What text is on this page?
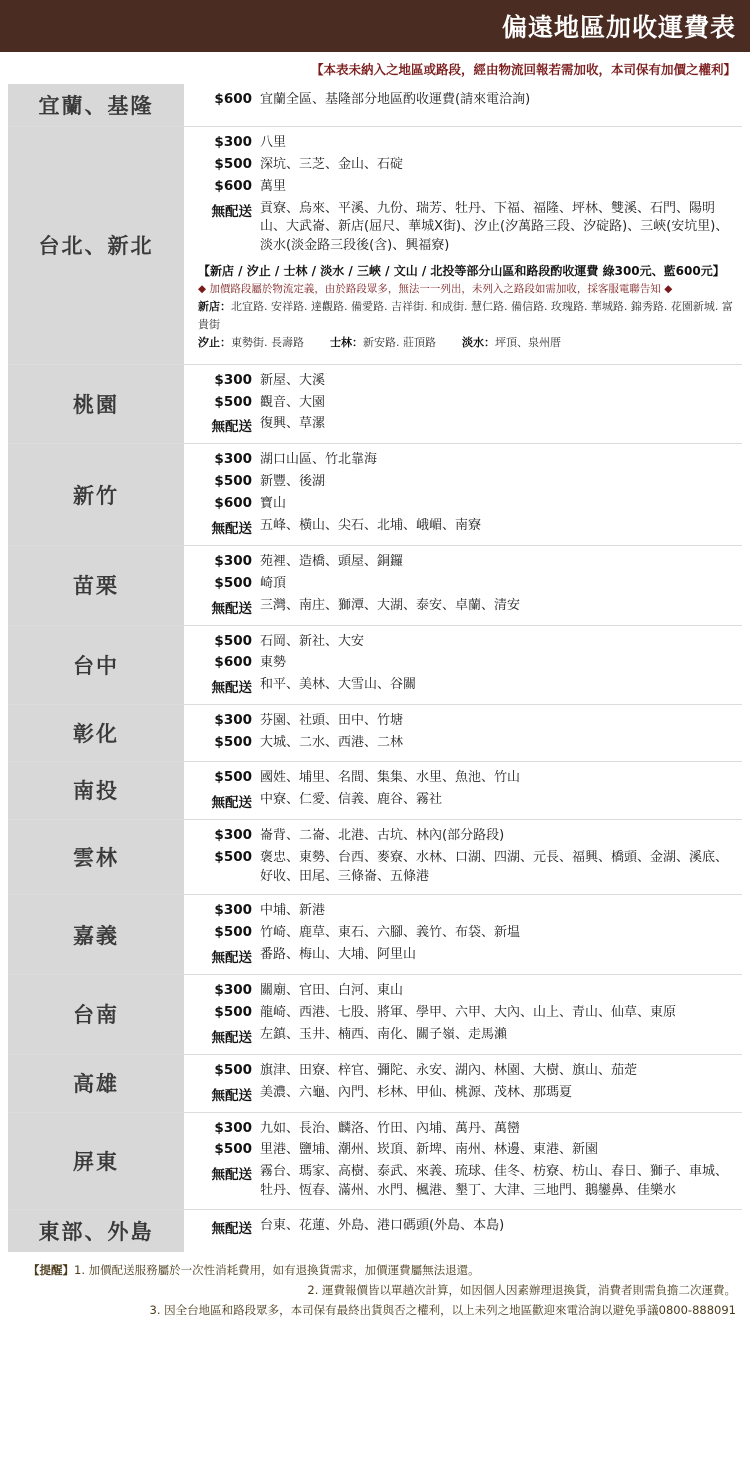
偏遠地區加收運費表
【本表未納入之地區或路段，經由物流回報若需加收，本司保有加價之權利】
宜蘭、基隆	$600 宜蘭全區、基隆部分地區酌收運費(請來電洽詢)
台北、新北
$300 八里
$500 深坑、三芝、金山、石碇
$600 萬里
無配送 貢寮、烏來、平溪、九份、瑞芳、牡丹、下福、福隆、坪林、雙溪、石門、陽明山、大武崙、新店(屈尺、華城X街)、汐止(汐萬路三段、汐碇路)、三峽(安坑里)、淡水(淡金路三段後(含)、興福寮)
【新店 / 汐止 / 士林 / 淡水 / 三峽 / 文山 / 北投等部分山區和路段酌收運費 綠300元、藍600元】
◆ 加價路段屬於物流定義，由於路段眾多，無法一一列出，未列入之路段如需加收，採客服電聯告知 ◆
新店：北宜路. 安祥路. 達觀路. 備愛路. 吉祥街. 和成街. 慧仁路. 備信路. 玫瑰路. 華城路. 錦秀路. 花園新城. 富貴街
汐止：東勢街. 長壽路 士林：新安路. 莊頂路 淡水：坪頂、泉州厝
桃園
$300 新屋、大溪
$500 觀音、大園
無配送 復興、草漯
新竹
$300 湖口山區、竹北靠海
$500 新豐、後湖
$600 寶山
無配送 五峰、橫山、尖石、北埔、峨嵋、南寮
苗栗
$300 苑裡、造橋、頭屋、銅鑼
$500 崎頂
無配送 三灣、南庄、獅潭、大湖、泰安、卓蘭、清安
台中
$500 石岡、新社、大安
$600 東勢
無配送 和平、美林、大雪山、谷關
彰化
$300 芬園、社頭、田中、竹塘
$500 大城、二水、西港、二林
南投
$500 國姓、埔里、名間、集集、水里、魚池、竹山
無配送 中寮、仁愛、信義、鹿谷、霧社
雲林
$300 崙背、二崙、北港、古坑、林內(部分路段)
$500 褒忠、東勢、台西、麥寮、水林、口湖、四湖、元長、福興、橋頭、金湖、溪底、好收、田尾、三條崙、五條港
嘉義
$300 中埔、新港
$500 竹崎、鹿草、東石、六腳、義竹、布袋、新塭
無配送 番路、梅山、大埔、阿里山
台南
$300 關廟、官田、白河、東山
$500 龍崎、西港、七股、將軍、學甲、六甲、大內、山上、青山、仙草、東原
無配送 左鎮、玉井、楠西、南化、關子嶺、走馬瀨
高雄
$500 旗津、田寮、梓官、彌陀、永安、湖內、林園、大樹、旗山、茄萣
無配送 美濃、六龜、內門、杉林、甲仙、桃源、茂林、那瑪夏
屏東
$300 九如、長治、麟洛、竹田、內埔、萬丹、萬巒
$500 里港、鹽埔、潮州、崁頂、新埤、南州、林邊、東港、新園
無配送 霧台、瑪家、高樹、泰武、來義、琉球、佳冬、枋寮、枋山、春日、獅子、車城、牡丹、恆春、滿州、水門、楓港、墾丁、大津、三地門、鵝鑾鼻、佳樂水
東部、外島	無配送 台東、花蓮、外島、港口碼頭(外島、本島)
【提醒】1. 加價配送服務屬於一次性消耗費用，如有退換貨需求，加價運費屬無法退還。
2. 運費報價皆以單趟次計算，如因個人因素辦理退換貨，消費者則需負擔二次運費。
3. 因全台地區和路段眾多，本司保有最終出貨與否之權利，以上未列之地區歡迎來電洽詢以避免爭議0800-888091
